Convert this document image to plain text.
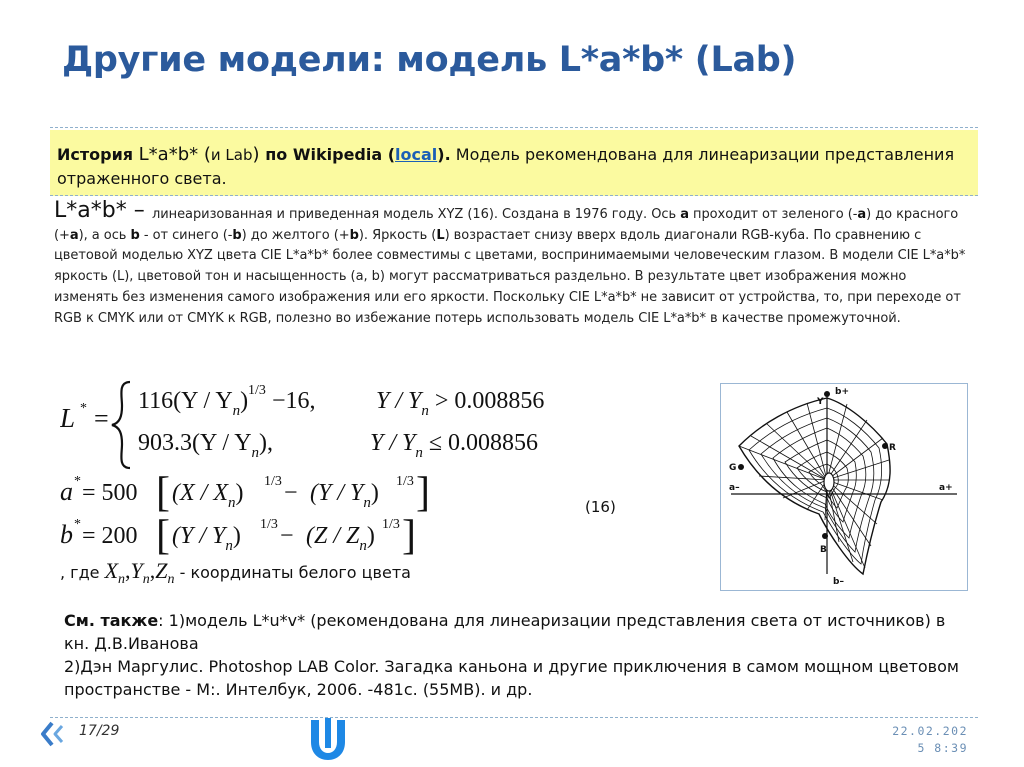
Другие модели: модель L*a*b* (Lab)
История L*a*b* (и Lab) по Wikipedia (local). Модель рекомендована для линеаризации представления отраженного света.
L*a*b* – линеаризованная и приведенная модель XYZ (16). Создана в 1976 году. Ось a проходит от зеленого (-a) до красного (+a), а ось b - от синего (-b) до желтого (+b). Яркость (L) возрастает снизу вверх вдоль диагонали RGB-куба. По сравнению с цветовой моделью XYZ цвета CIE L*a*b* более совместимы с цветами, воспринимаемыми человеческим глазом. В модели CIE L*a*b* яркость (L), цветовой тон и насыщенность (a, b) могут рассматриваться раздельно. В результате цвет изображения можно изменять без изменения самого изображения или его яркости. Поскольку CIE L*a*b* не зависит от устройства, то, при переходе от RGB к CMYK или от CMYK к RGB, полезно во избежание потерь использовать модель CIE L*a*b* в качестве промежуточной.
L * =
$116(Y / Y_n)$ 1/3 −16,	$Y / Y_n > 0.008856$
$903.3(Y / Y_n)$,	$Y / Y_n \le 0.008856$
a * = 500 [ $(X / X_n)$ $1/3 - (Y / Y_n)$ 1/3 ]
b * = 200 [ $(Y / Y_n)$ $1/3 - (Z / Z_n)$ 1/3 ]
, где Xn,Yn,Zn - координаты белого цвета
(16)
b+
Y
R
G
a–	a+
B
b–
См. также: 1)модель L*u*v* (рекомендована для линеаризации представления света от источников) в кн. Д.В.Иванова
2)Дэн Маргулис. Photoshop LAB Color. Загадка каньона и другие приключения в самом мощном цветовом пространстве - М:. Интелбук, 2006. -481с. (55МВ). и др.
17/29	22.02.202
5 8:39
